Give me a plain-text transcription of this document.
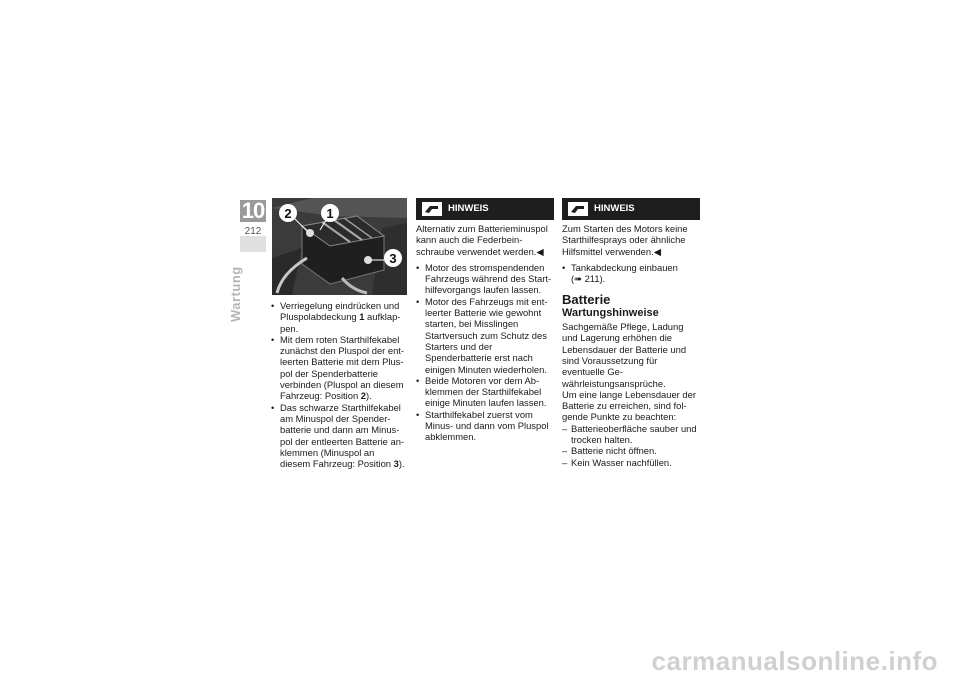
10
212
Wartung
2	1
3
• Verriegelung eindrücken und Pluspolabdeckung 1 aufklappen.
• Mit dem roten Starthilfekabel zunächst den Pluspol der entleerten Batterie mit dem Pluspol der Spenderbatterie verbinden (Pluspol an diesem Fahrzeug: Position 2).
• Das schwarze Starthilfekabel am Minuspol der Spenderbatterie und dann am Minuspol der entleerten Batterie anklemmen (Minuspol an diesem Fahrzeug: Position 3).
HINWEIS

Alternativ zum Batterieminuspol kann auch die Federbeinschraube verwendet werden.◀

• Motor des stromspendenden Fahrzeugs während des Starthilfevorgangs laufen lassen.
• Motor des Fahrzeugs mit entleerter Batterie wie gewohnt starten, bei Misslingen Startversuch zum Schutz des Starters und der Spenderbatterie erst nach einigen Minuten wiederholen.
• Beide Motoren vor dem Abklemmen der Starthilfekabel einige Minuten laufen lassen.
• Starthilfekabel zuerst vom Minus- und dann vom Pluspol abklemmen.
HINWEIS

Zum Starten des Motors keine Starthilfesprays oder ähnliche Hilfsmittel verwenden.◀

• Tankabdeckung einbauen
(➠ 211).
Batterie
Wartungshinweise

Sachgemäße Pflege, Ladung und Lagerung erhöhen die Lebensdauer der Batterie und sind Voraussetzung für eventuelle Gewährleistungsansprüche.

Um eine lange Lebensdauer der Batterie zu erreichen, sind folgende Punkte zu beachten:

– Batterieoberfläche sauber und trocken halten.
– Batterie nicht öffnen.
– Kein Wasser nachfüllen.
carmanualsonline.info
